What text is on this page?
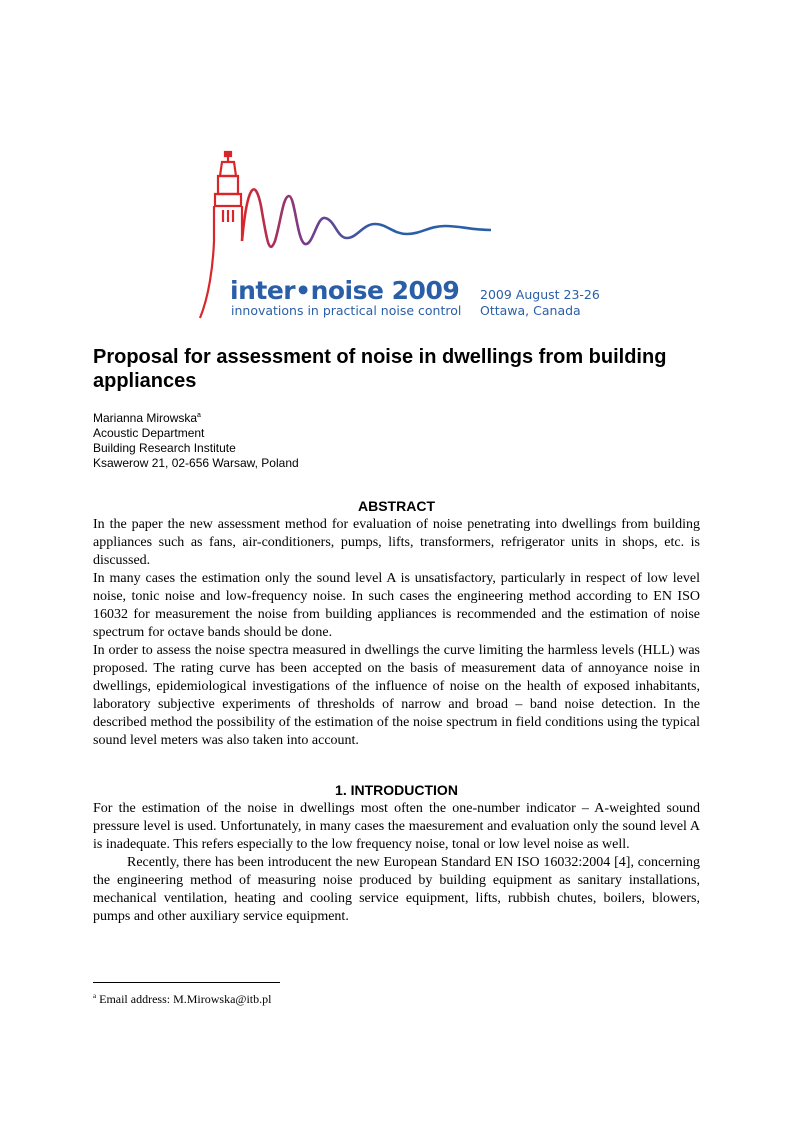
inter•noise 2009
innovations in practical noise control
2009 August 23-26
Ottawa, Canada
Proposal for assessment of noise in dwellings from building appliances
Marianna Mirowska$^a$
Acoustic Department
Building Research Institute
Ksawerow 21, 02-656 Warsaw, Poland
ABSTRACT

In the paper the new assessment method for evaluation of noise penetrating into dwellings from building appliances such as fans, air-conditioners, pumps, lifts, transformers, refrigerator units in shops, etc. is discussed.

In many cases the estimation only the sound level A is unsatisfactory, particularly in respect of low level noise, tonic noise and low-frequency noise. In such cases the engineering method according to EN ISO 16032 for measurement the noise from building appliances is recommended and the estimation of noise spectrum for octave bands should be done.

In order to assess the noise spectra measured in dwellings the curve limiting the harmless levels (HLL) was proposed. The rating curve has been accepted on the basis of measurement data of annoyance noise in dwellings, epidemiological investigations of the influence of noise on the health of exposed inhabitants, laboratory subjective experiments of thresholds of narrow and broad – band noise detection. In the described method the possibility of the estimation of the noise spectrum in field conditions using the typical sound level meters was also taken into account.

1. INTRODUCTION

For the estimation of the noise in dwellings most often the one-number indicator – A-weighted sound pressure level is used. Unfortunately, in many cases the maesurement and evaluation only the sound level A is inadequate. This refers especially to the low frequency noise, tonal or low level noise as well.

Recently, there has been introducent the new European Standard EN ISO 16032:2004 [4], concerning the engineering method of measuring noise produced by building equipment as sanitary installations, mechanical ventilation, heating and cooling service equipment, lifts, rubbish chutes, boilers, blowers, pumps and other auxiliary service equipment.

$^a$ Email address: M.Mirowska@itb.pl
